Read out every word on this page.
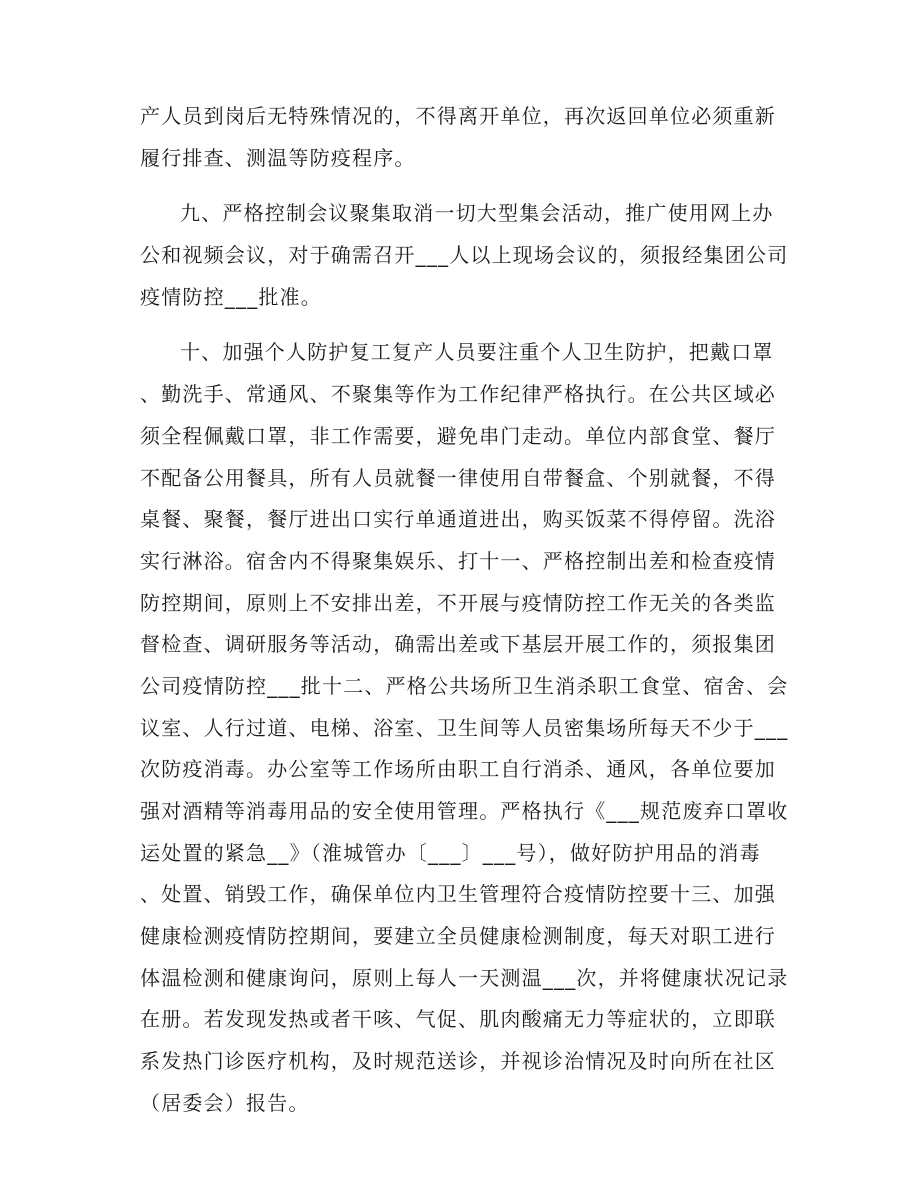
产人员到岗后无特殊情况的，不得离开单位，再次返回单位必须重新
履行排查、测温等防疫程序。
九、严格控制会议聚集取消一切大型集会活动，推广使用网上办
公和视频会议，对于确需召开___人以上现场会议的，须报经集团公司
疫情防控___批准。
十、加强个人防护复工复产人员要注重个人卫生防护，把戴口罩
、勤洗手、常通风、不聚集等作为工作纪律严格执行。在公共区域必
须全程佩戴口罩，非工作需要，避免串门走动。单位内部食堂、餐厅
不配备公用餐具，所有人员就餐一律使用自带餐盒、个别就餐，不得
桌餐、聚餐，餐厅进出口实行单通道进出，购买饭菜不得停留。洗浴
实行淋浴。宿舍内不得聚集娱乐、打十一、严格控制出差和检查疫情
防控期间，原则上不安排出差，不开展与疫情防控工作无关的各类监
督检查、调研服务等活动，确需出差或下基层开展工作的，须报集团
公司疫情防控___批十二、严格公共场所卫生消杀职工食堂、宿舍、会
议室、人行过道、电梯、浴室、卫生间等人员密集场所每天不少于___
次防疫消毒。办公室等工作场所由职工自行消杀、通风，各单位要加
强对酒精等消毒用品的安全使用管理。严格执行《___规范废弃口罩收
运处置的紧急__》（淮城管办〔___〕___号），做好防护用品的消毒
、处置、销毁工作，确保单位内卫生管理符合疫情防控要十三、加强
健康检测疫情防控期间，要建立全员健康检测制度，每天对职工进行
体温检测和健康询问，原则上每人一天测温___次，并将健康状况记录
在册。若发现发热或者干咳、气促、肌肉酸痛无力等症状的，立即联
系发热门诊医疗机构，及时规范送诊，并视诊治情况及时向所在社区
（居委会）报告。
